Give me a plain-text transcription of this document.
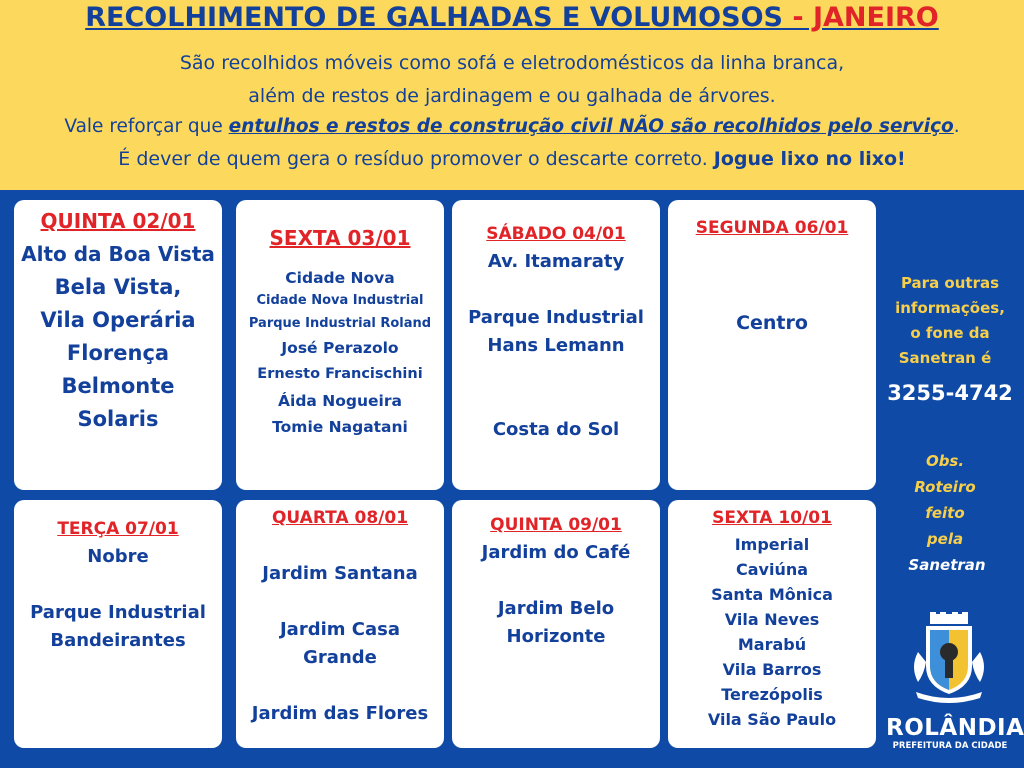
RECOLHIMENTO DE GALHADAS E VOLUMOSOS - JANEIRO
São recolhidos móveis como sofá e eletrodomésticos da linha branca,
além de restos de jardinagem e ou galhada de árvores.
Vale reforçar que entulhos e restos de construção civil NÃO são recolhidos pelo serviço.
É dever de quem gera o resíduo promover o descarte correto. Jogue lixo no lixo!
QUINTA 02/01
Alto da Boa Vista
Bela Vista,
Vila Operária
Florença
Belmonte
Solaris
SEXTA 03/01
Cidade Nova
Cidade Nova Industrial
Parque Industrial Roland
José Perazolo
Ernesto Francischini
Áida Nogueira
Tomie Nagatani
SÁBADO 04/01
Av. Itamaraty
Parque Industrial
Hans Lemann
Costa do Sol
SEGUNDA 06/01
Centro
TERÇA 07/01
Nobre
Parque Industrial
Bandeirantes
QUARTA 08/01
Jardim Santana
Jardim Casa
Grande
Jardim das Flores
QUINTA 09/01
Jardim do Café
Jardim Belo
Horizonte
SEXTA 10/01
Imperial
Caviúna
Santa Mônica
Vila Neves
Marabú
Vila Barros
Terezópolis
Vila São Paulo
Para outras
informações,
o fone da
Sanetran é
3255-4742
Obs.
Roteiro
feito
pela
Sanetran
ROLÂNDIA
PREFEITURA DA CIDADE
